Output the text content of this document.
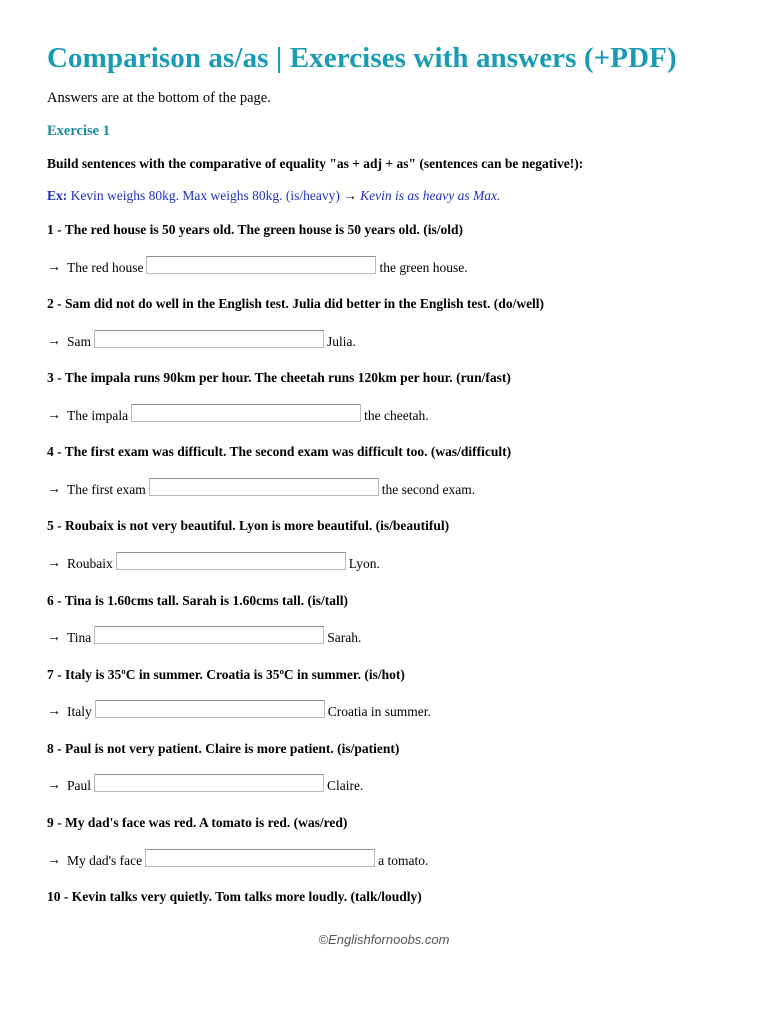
Comparison as/as | Exercises with answers (+PDF)
Answers are at the bottom of the page.
Exercise 1
Build sentences with the comparative of equality "as + adj + as" (sentences can be negative!):
Ex: Kevin weighs 80kg. Max weighs 80kg. (is/heavy) → Kevin is as heavy as Max.
1 - The red house is 50 years old. The green house is 50 years old. (is/old)
→ The red house	the green house.
2 - Sam did not do well in the English test. Julia did better in the English test. (do/well)
→ Sam	Julia.
3 - The impala runs 90km per hour. The cheetah runs 120km per hour. (run/fast)
→ The impala	the cheetah.
4 - The first exam was difficult. The second exam was difficult too. (was/difficult)
→ The first exam	the second exam.
5 - Roubaix is not very beautiful. Lyon is more beautiful. (is/beautiful)
→ Roubaix	Lyon.
6 - Tina is 1.60cms tall. Sarah is 1.60cms tall. (is/tall)
→ Tina	Sarah.
7 - Italy is 35ºC in summer. Croatia is 35ºC in summer. (is/hot)
→ Italy	Croatia in summer.
8 - Paul is not very patient. Claire is more patient. (is/patient)
→ Paul	Claire.
9 - My dad's face was red. A tomato is red. (was/red)
→ My dad's face	a tomato.
10 - Kevin talks very quietly. Tom talks more loudly. (talk/loudly)
©Englishfornoobs.com
